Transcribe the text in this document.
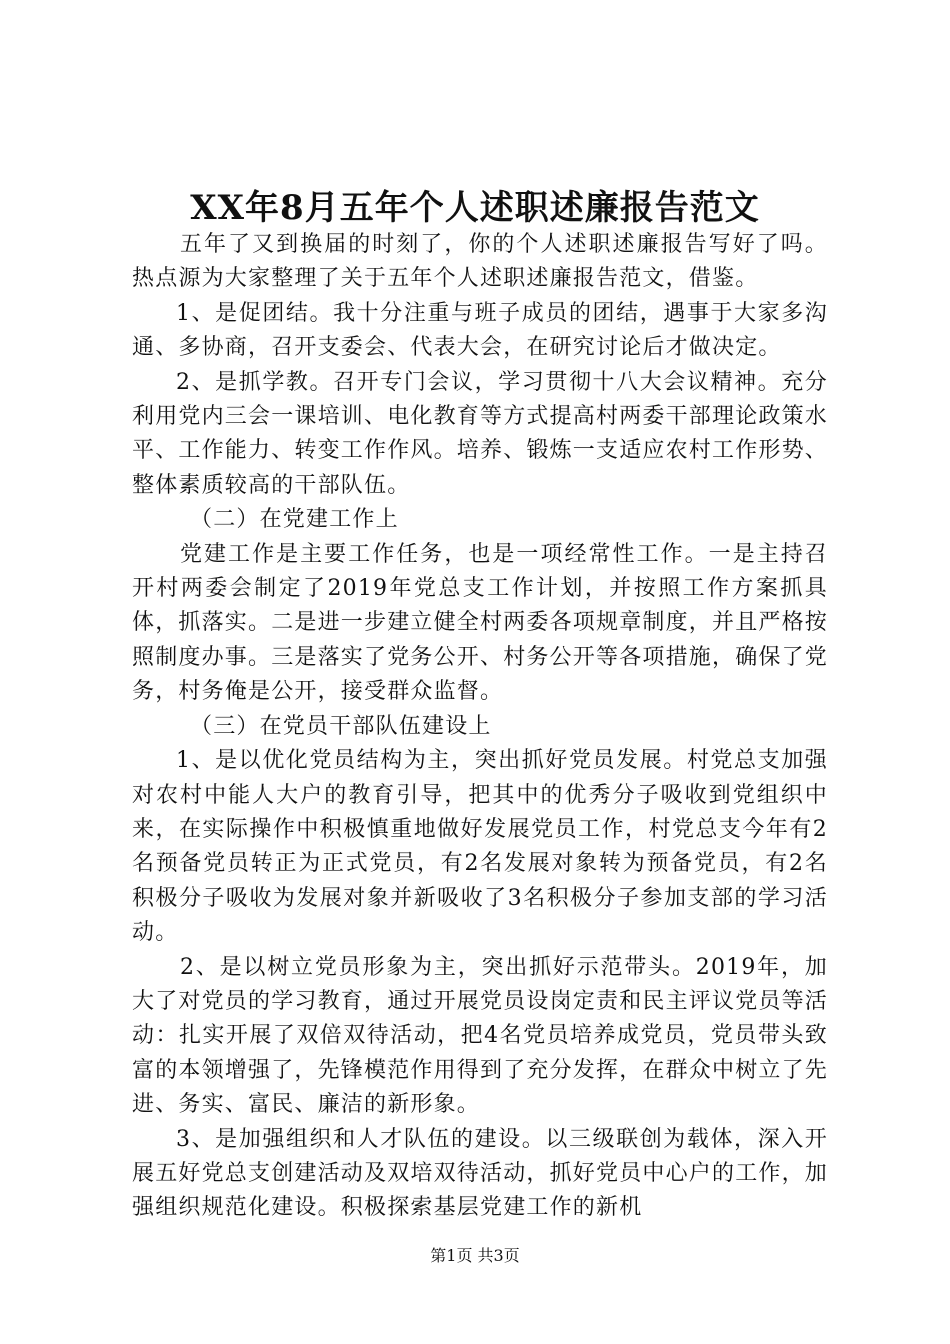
XX年8月五年个人述职述廉报告范文

五年了又到换届的时刻了，你的个人述职述廉报告写好了吗。热点源为大家整理了关于五年个人述职述廉报告范文，借鉴。

1、是促团结。我十分注重与班子成员的团结，遇事于大家多沟通、多协商，召开支委会、代表大会，在研究讨论后才做决定。

2、是抓学教。召开专门会议，学习贯彻十八大会议精神。充分利用党内三会一课培训、电化教育等方式提高村两委干部理论政策水平、工作能力、转变工作作风。培养、锻炼一支适应农村工作形势、整体素质较高的干部队伍。

（二）在党建工作上

党建工作是主要工作任务，也是一项经常性工作。一是主持召开村两委会制定了2019年党总支工作计划，并按照工作方案抓具体，抓落实。二是进一步建立健全村两委各项规章制度，并且严格按照制度办事。三是落实了党务公开、村务公开等各项措施，确保了党务，村务俺是公开，接受群众监督。

（三）在党员干部队伍建设上

1、是以优化党员结构为主，突出抓好党员发展。村党总支加强对农村中能人大户的教育引导，把其中的优秀分子吸收到党组织中来，在实际操作中积极慎重地做好发展党员工作，村党总支今年有2名预备党员转正为正式党员，有2名发展对象转为预备党员，有2名积极分子吸收为发展对象并新吸收了3名积极分子参加支部的学习活动。

2、是以树立党员形象为主，突出抓好示范带头。2019年，加大了对党员的学习教育，通过开展党员设岗定责和民主评议党员等活动：扎实开展了双倍双待活动，把4名党员培养成党员，党员带头致富的本领增强了，先锋模范作用得到了充分发挥，在群众中树立了先进、务实、富民、廉洁的新形象。

3、是加强组织和人才队伍的建设。以三级联创为载体，深入开展五好党总支创建活动及双培双待活动，抓好党员中心户的工作，加强组织规范化建设。积极探索基层党建工作的新机

第1页 共3页
